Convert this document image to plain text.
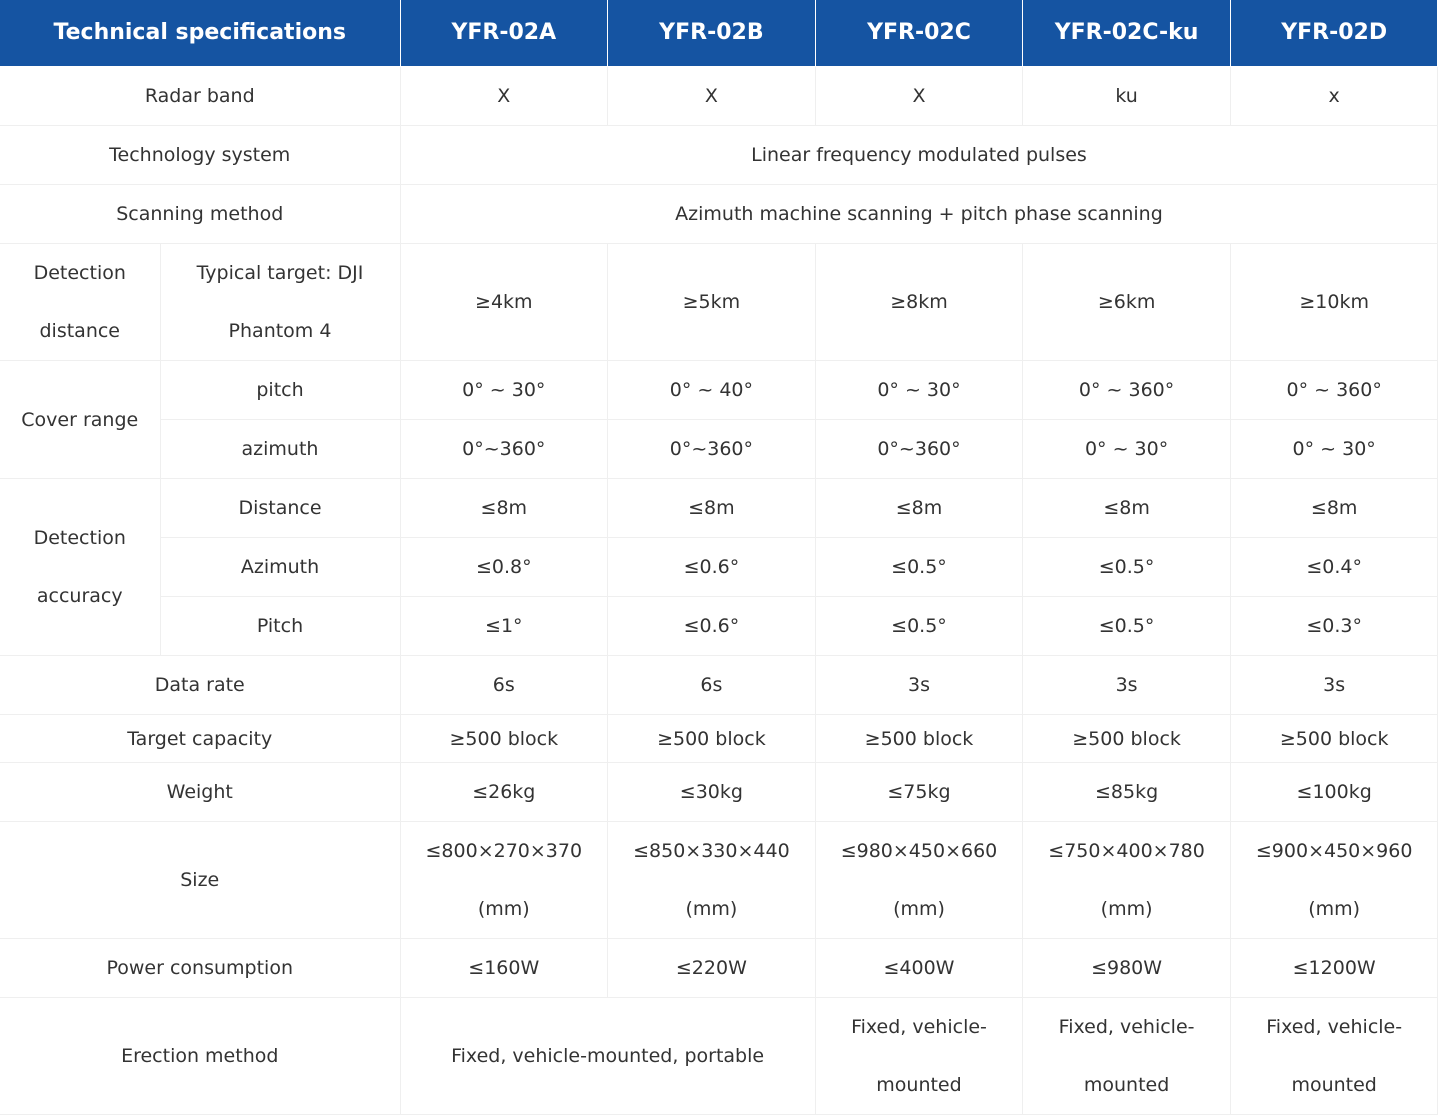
Technical specifications		YFR-02A	YFR-02B	YFR-02C	YFR-02C-ku	YFR-02D
Radar band		X	X	X	ku	x
Technology system		Linear frequency modulated pulses				
Scanning method		Azimuth machine scanning + pitch phase scanning				
Detection distance	Typical target: DJI Phantom 4	≥4km	≥5km	≥8km	≥6km	≥10km
Cover range	pitch	0° ~ 30°	0° ~ 40°	0° ~ 30°	0° ~ 360°	0° ~ 360°
	azimuth	0°~360°	0°~360°	0°~360°	0° ~ 30°	0° ~ 30°
Detection accuracy	Distance	≤8m	≤8m	≤8m	≤8m	≤8m
	Azimuth	≤0.8°	≤0.6°	≤0.5°	≤0.5°	≤0.4°
	Pitch	≤1°	≤0.6°	≤0.5°	≤0.5°	≤0.3°
Data rate		6s	6s	3s	3s	3s
Target capacity		≥500 block	≥500 block	≥500 block	≥500 block	≥500 block
Weight		≤26kg	≤30kg	≤75kg	≤85kg	≤100kg
Size		≤800×270×370 (mm)	≤850×330×440 (mm)	≤980×450×660 (mm)	≤750×400×780 (mm)	≤900×450×960 (mm)
Power consumption		≤160W	≤220W	≤400W	≤980W	≤1200W
Erection method		Fixed, vehicle-mounted, portable		Fixed, vehicle-mounted	Fixed, vehicle-mounted	Fixed, vehicle-mounted
